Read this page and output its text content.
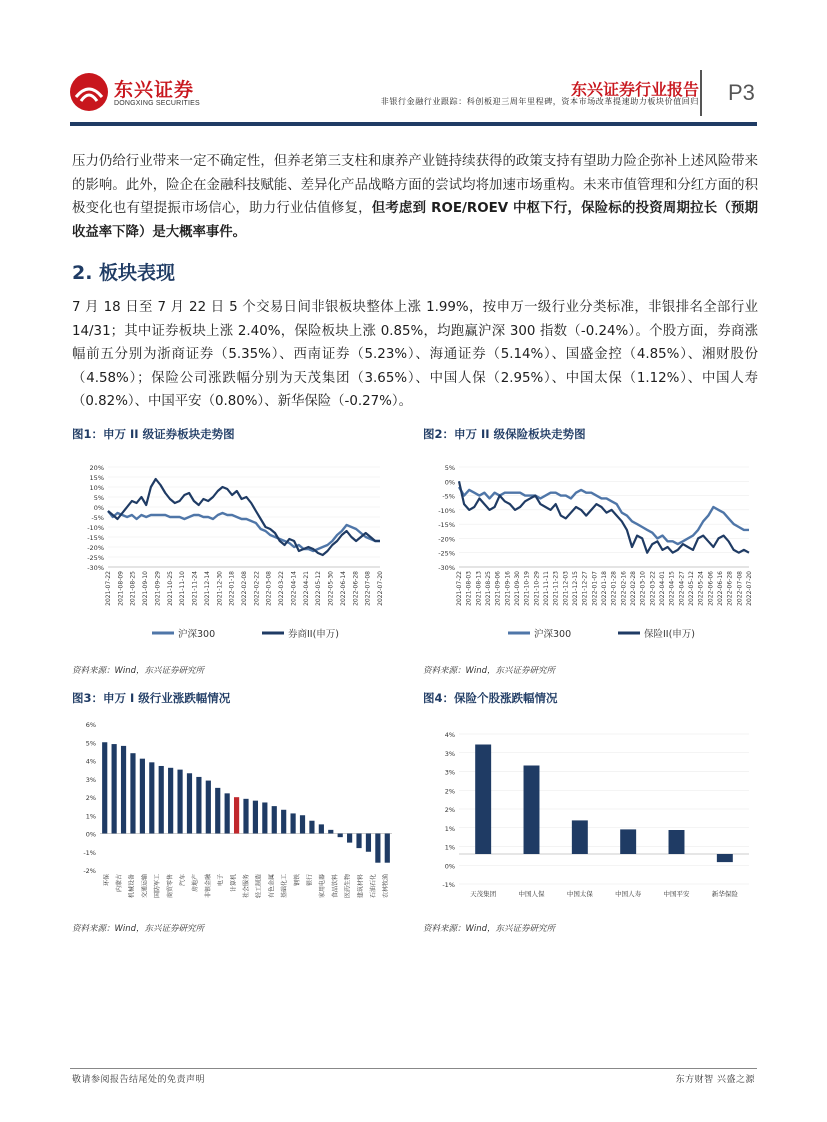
东兴证券
DONGXING SECURITIES
东兴证券行业报告
非银行金融行业跟踪：科创板迎三周年里程碑，资本市场改革提速助力板块价值回归 P3
压力仍给行业带来一定不确定性，但养老第三支柱和康养产业链持续获得的政策支持有望助力险企弥补上述风险带来的影响。此外，险企在金融科技赋能、差异化产品战略方面的尝试均将加速市场重构。未来市值管理和分红方面的积极变化也有望提振市场信心，助力行业估值修复，但考虑到 ROE/ROEV 中枢下行，保险标的投资周期拉长（预期收益率下降）是大概率事件。
2. 板块表现
7 月 18 日至 7 月 22 日 5 个交易日间非银板块整体上涨 1.99%，按申万一级行业分类标准，非银排名全部行业 14/31；其中证券板块上涨 2.40%，保险板块上涨 0.85%，均跑赢沪深 300 指数（-0.24%）。个股方面，券商涨幅前五分别为浙商证券（5.35%）、西南证券（5.23%）、海通证券（5.14%）、国盛金控（4.85%）、湘财股份（4.58%）；保险公司涨跌幅分别为天茂集团（3.65%）、中国人保（2.95%）、中国太保（1.12%）、中国人寿（0.82%）、中国平安（0.80%）、新华保险（-0.27%）。
图1：申万 II 级证券板块走势图	图2：申万 II 级保险板块走势图
图3：申万 I 级行业涨跌幅情况	图4：保险个股涨跌幅情况
20%
15%
10%
5%
0%
-5%
-10%
-15%
-20%
-25%
-30%
2021-07-22 2021-08-09 2021-08-25 2021-09-10 2021-09-29 2021-10-25 2021-11-10 2021-11-24 2021-12-14 2021-12-30 2022-01-18 2022-02-08 2022-02-22 2022-03-08 2022-03-22 2022-04-14 2022-04-21 2022-05-12 2022-05-30 2022-06-14 2022-06-28 2022-07-08 2022-07-20
沪深300	券商II(申万)
5%
0%
-5%
-10%
-15%
-20%
-25%
-30%
2021-07-22 2021-08-03 2021-08-13 2021-08-25 2021-09-06 2021-09-16 2021-09-30 2021-10-19 2021-10-29 2021-11-11 2021-11-23 2021-12-03 2021-12-15 2021-12-27 2022-01-07 2022-01-18 2022-01-28 2022-02-16 2022-02-28 2022-03-10 2022-03-22 2022-04-01 2022-04-15 2022-04-27 2022-05-12 2022-05-24 2022-06-06 2022-06-16 2022-06-28 2022-07-08 2022-07-20
沪深300	保险II(申万)
6%
5%
4%
3%
2%
1%
0%
-1%
-2%
环保 内蒙古 机械设备 交通运输 国防军工 商贸零售 汽车 房地产 非银金融 电子 计算机 社会服务 轻工制造 有色金属 基础化工 钢铁 银行 家用电器 食品饮料 医药生物 建筑材料 石油石化 农林牧渔
4%
3%
3%
2%
2%
1%
1%
0%
-1%
天茂集团	中国人保	中国太保	中国人寿	中国平安	新华保险
资料来源：Wind，东兴证券研究所	资料来源：Wind，东兴证券研究所
资料来源：Wind，东兴证券研究所	资料来源：Wind，东兴证券研究所
敬请参阅报告结尾处的免责声明	东方财智 兴盛之源
